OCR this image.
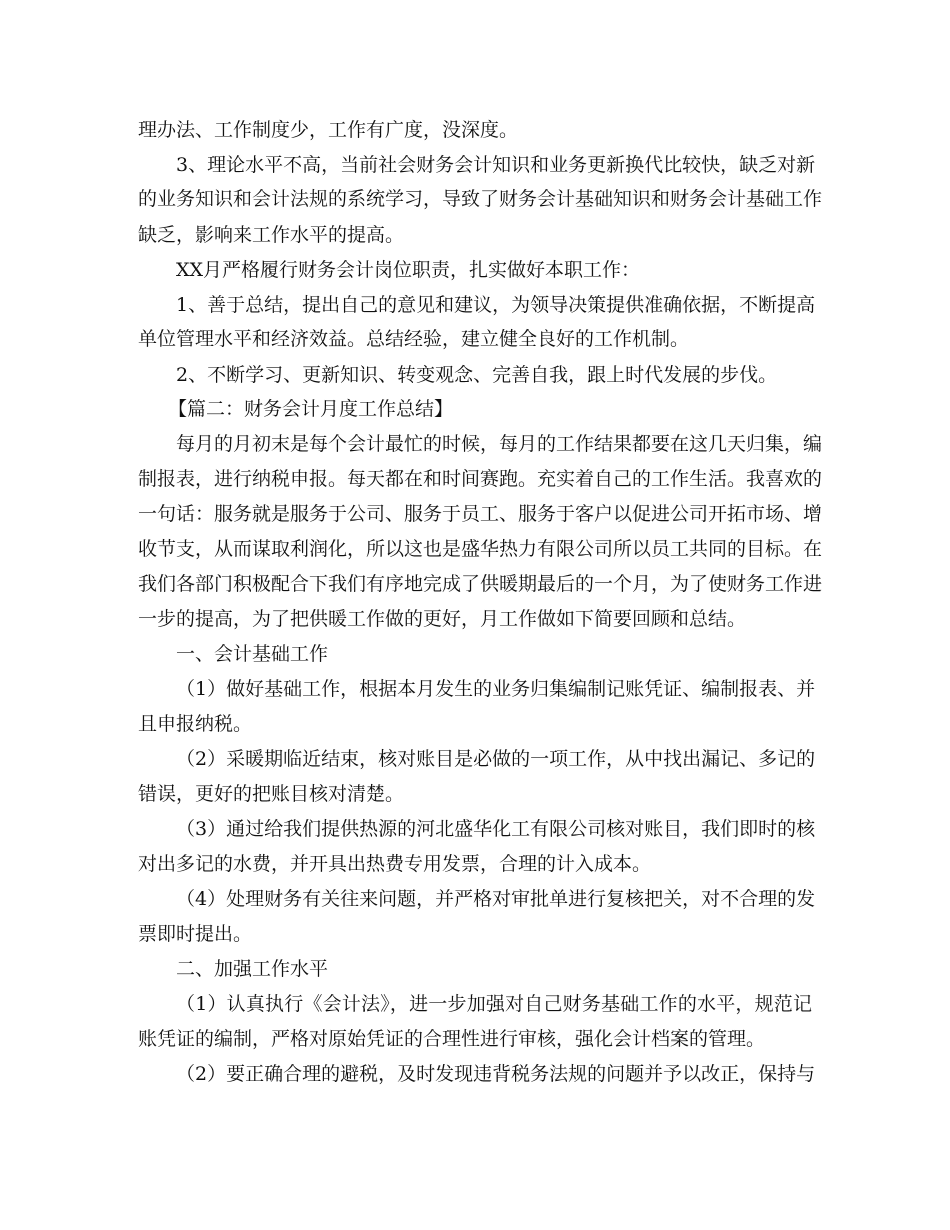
理办法、工作制度少，工作有广度，没深度。
3、理论水平不高，当前社会财务会计知识和业务更新换代比较快，缺乏对新
的业务知识和会计法规的系统学习，导致了财务会计基础知识和财务会计基础工作
缺乏，影响来工作水平的提高。
XX月严格履行财务会计岗位职责，扎实做好本职工作：
1、善于总结，提出自己的意见和建议，为领导决策提供准确依据，不断提高
单位管理水平和经济效益。总结经验，建立健全良好的工作机制。
2、不断学习、更新知识、转变观念、完善自我，跟上时代发展的步伐。
【篇二：财务会计月度工作总结】
每月的月初末是每个会计最忙的时候，每月的工作结果都要在这几天归集，编
制报表，进行纳税申报。每天都在和时间赛跑。充实着自己的工作生活。我喜欢的
一句话：服务就是服务于公司、服务于员工、服务于客户以促进公司开拓市场、增
收节支，从而谋取利润化，所以这也是盛华热力有限公司所以员工共同的目标。在
我们各部门积极配合下我们有序地完成了供暖期最后的一个月，为了使财务工作进
一步的提高，为了把供暖工作做的更好，月工作做如下简要回顾和总结。
一、会计基础工作
（1）做好基础工作，根据本月发生的业务归集编制记账凭证、编制报表、并
且申报纳税。
（2）采暖期临近结束，核对账目是必做的一项工作，从中找出漏记、多记的
错误，更好的把账目核对清楚。
（3）通过给我们提供热源的河北盛华化工有限公司核对账目，我们即时的核
对出多记的水费，并开具出热费专用发票，合理的计入成本。
（4）处理财务有关往来问题，并严格对审批单进行复核把关，对不合理的发
票即时提出。
二、加强工作水平
（1）认真执行《会计法》，进一步加强对自己财务基础工作的水平，规范记
账凭证的编制，严格对原始凭证的合理性进行审核，强化会计档案的管理。
（2）要正确合理的避税，及时发现违背税务法规的问题并予以改正，保持与
